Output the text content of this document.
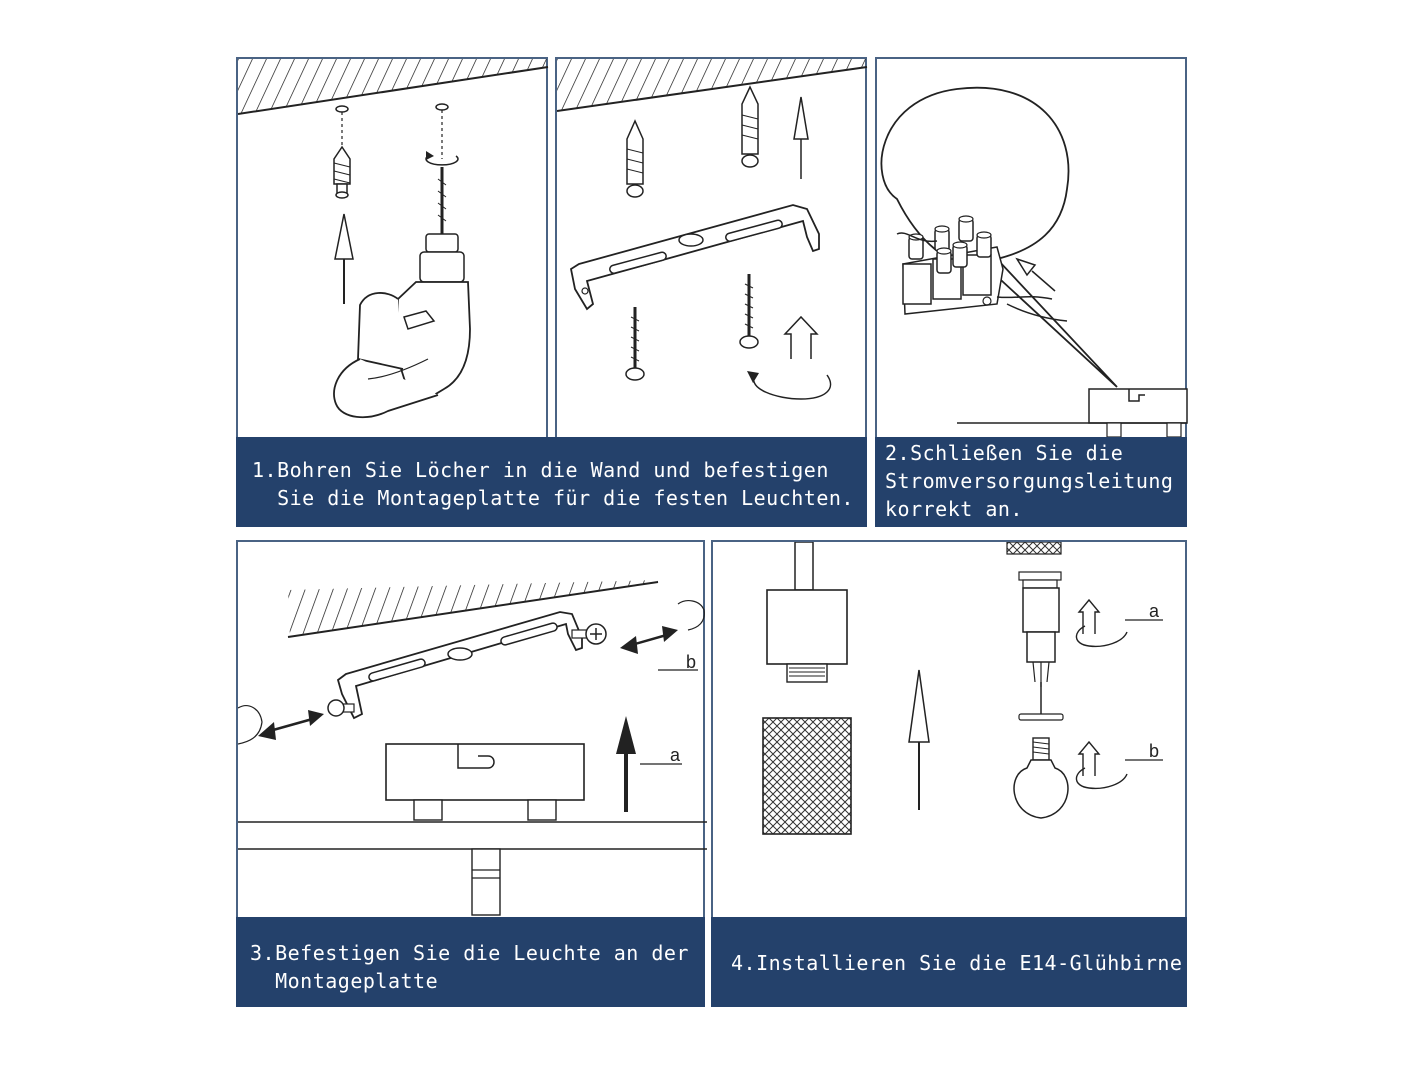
1.Bohren Sie Löcher in die Wand und befestigen
Sie die Montageplatte für die festen Leuchten.
2.Schließen Sie die
Stromversorgungsleitung
korrekt an.
b
a
3.Befestigen Sie die Leuchte an der
Montageplatte
a
b
4.Installieren Sie die E14-Glühbirne
